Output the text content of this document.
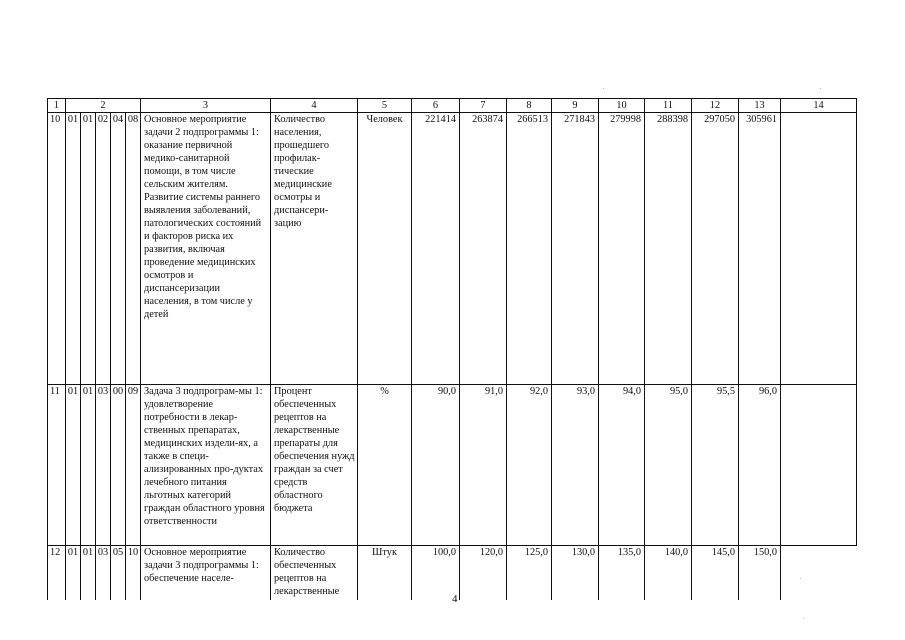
1	2					3	4	5	6	7	8	9	10	11	12	13	14
10	01	01	02	04	08	Основное мероприятие задачи 2 подпрограммы 1: оказание первичной медико-санитарной помощи, в том числе сельским жителям. Развитие системы раннего выявления заболеваний, патологических состояний и факторов риска их развития, включая проведение медицинских осмотров и диспансеризации населения, в том числе у детей	Количество населения, прошедшего профилак-тические медицинские осмотры и диспансери-зацию	Человек	221414	263874	266513	271843	279998	288398	297050	305961	
11	01	01	03	00	09	Задача 3 подпрограм-мы 1: удовлетворение потребности в лекар-ственных препаратах, медицинских издели-ях, а также в специ-ализированных про-дуктах лечебного питания льготных категорий граждан областного уровня ответственности	Процент обеспеченных рецептов на лекарственные препараты для обеспечения нужд граждан за счет средств областного бюджета	%	90,0	91,0	92,0	93,0	94,0	95,0	95,5	96,0	
12	01	01	03	05	10	Основное мероприятие задачи 3 подпрограммы 1: обеспечение населе-	Количество обеспеченных рецептов на лекарственные	Штук	100,0	120,0	125,0	130,0	135,0	140,0	145,0	150,0	
4
